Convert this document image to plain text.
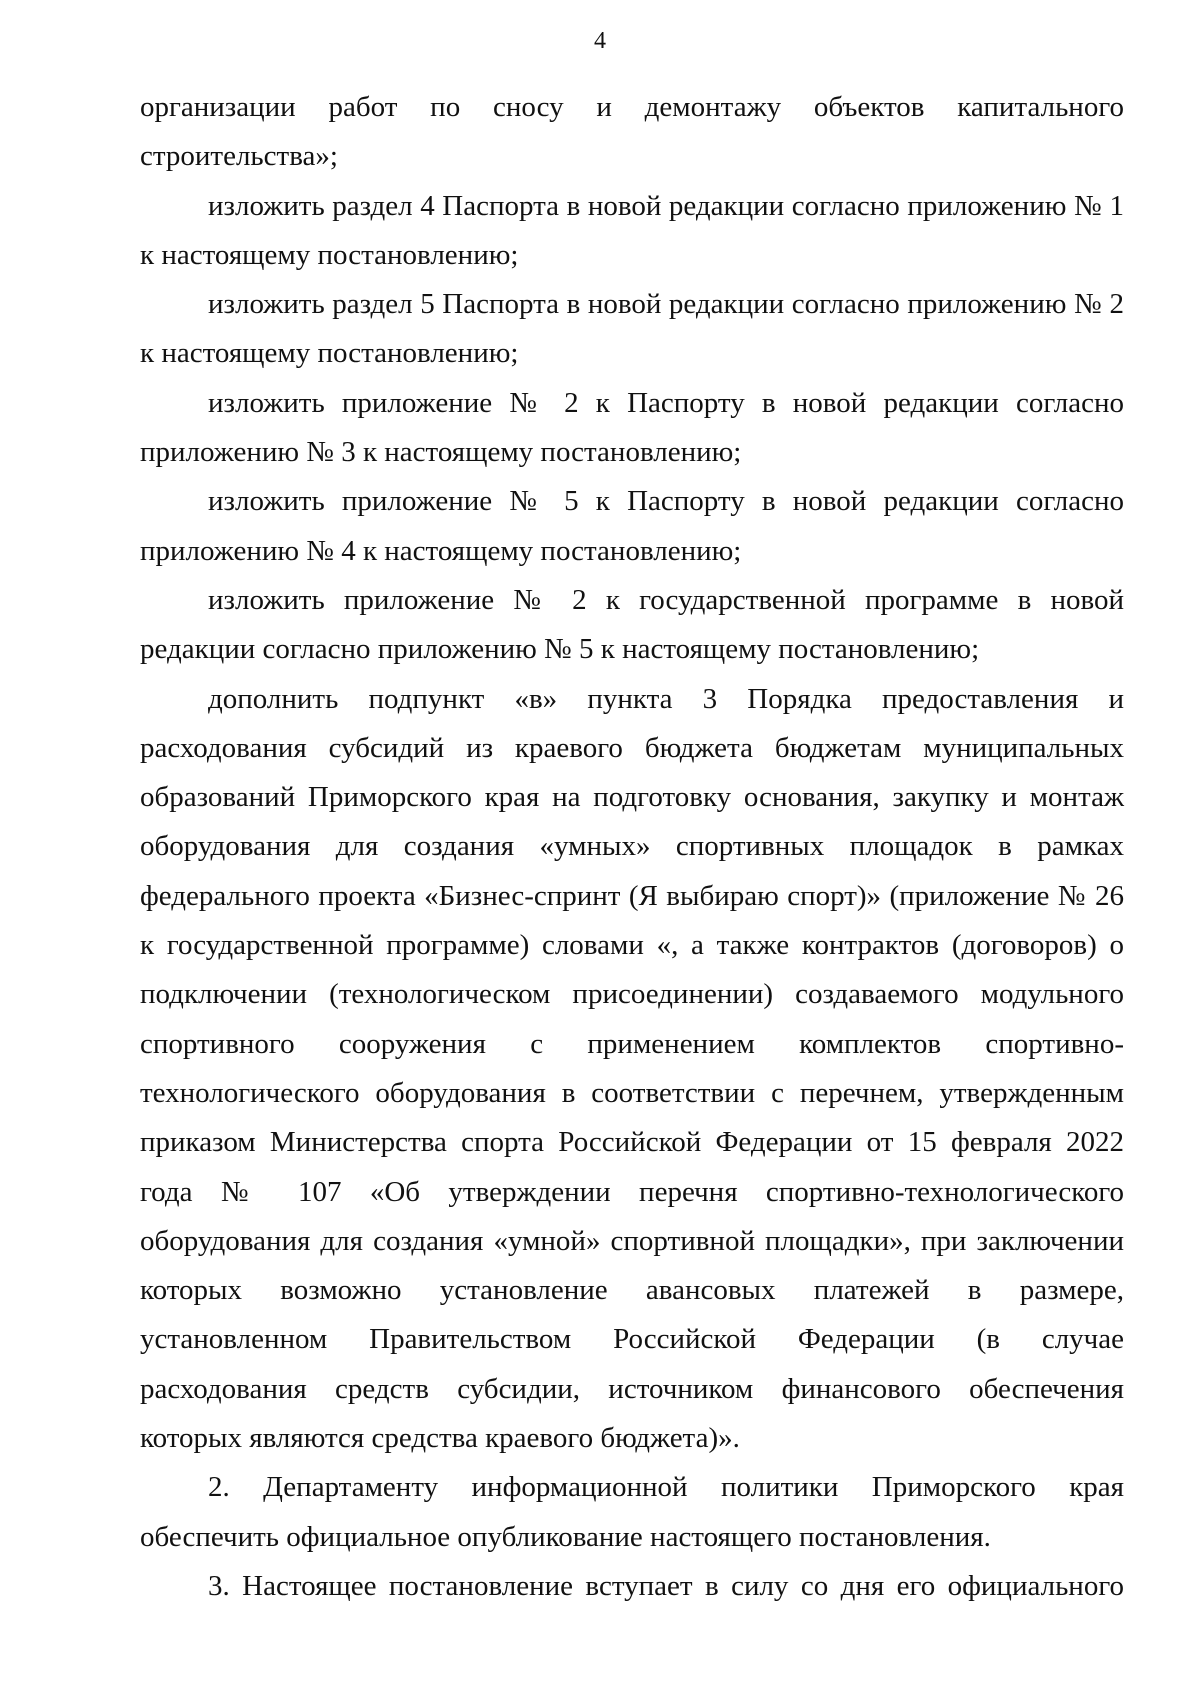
4

организации работ по сносу и демонтажу объектов капитального строительства»;

изложить раздел 4 Паспорта в новой редакции согласно приложению № 1 к настоящему постановлению;

изложить раздел 5 Паспорта в новой редакции согласно приложению № 2 к настоящему постановлению;

изложить приложение № 2 к Паспорту в новой редакции согласно приложению № 3 к настоящему постановлению;

изложить приложение № 5 к Паспорту в новой редакции согласно приложению № 4 к настоящему постановлению;

изложить приложение № 2 к государственной программе в новой редакции согласно приложению № 5 к настоящему постановлению;

дополнить подпункт «в» пункта 3 Порядка предоставления и расходования субсидий из краевого бюджета бюджетам муниципальных образований Приморского края на подготовку основания, закупку и монтаж оборудования для создания «умных» спортивных площадок в рамках федерального проекта «Бизнес-спринт (Я выбираю спорт)» (приложение № 26 к государственной программе) словами «, а также контрактов (договоров) о подключении (технологическом присоединении) создаваемого модульного спортивного сооружения с применением комплектов спортивно-технологического оборудования в соответствии с перечнем, утвержденным приказом Министерства спорта Российской Федерации от 15 февраля 2022 года № 107 «Об утверждении перечня спортивно-технологического оборудования для создания «умной» спортивной площадки», при заключении которых возможно установление авансовых платежей в размере, установленном Правительством Российской Федерации (в случае расходования средств субсидии, источником финансового обеспечения которых являются средства краевого бюджета)».

2. Департаменту информационной политики Приморского края обеспечить официальное опубликование настоящего постановления.

3. Настоящее постановление вступает в силу со дня его официального
